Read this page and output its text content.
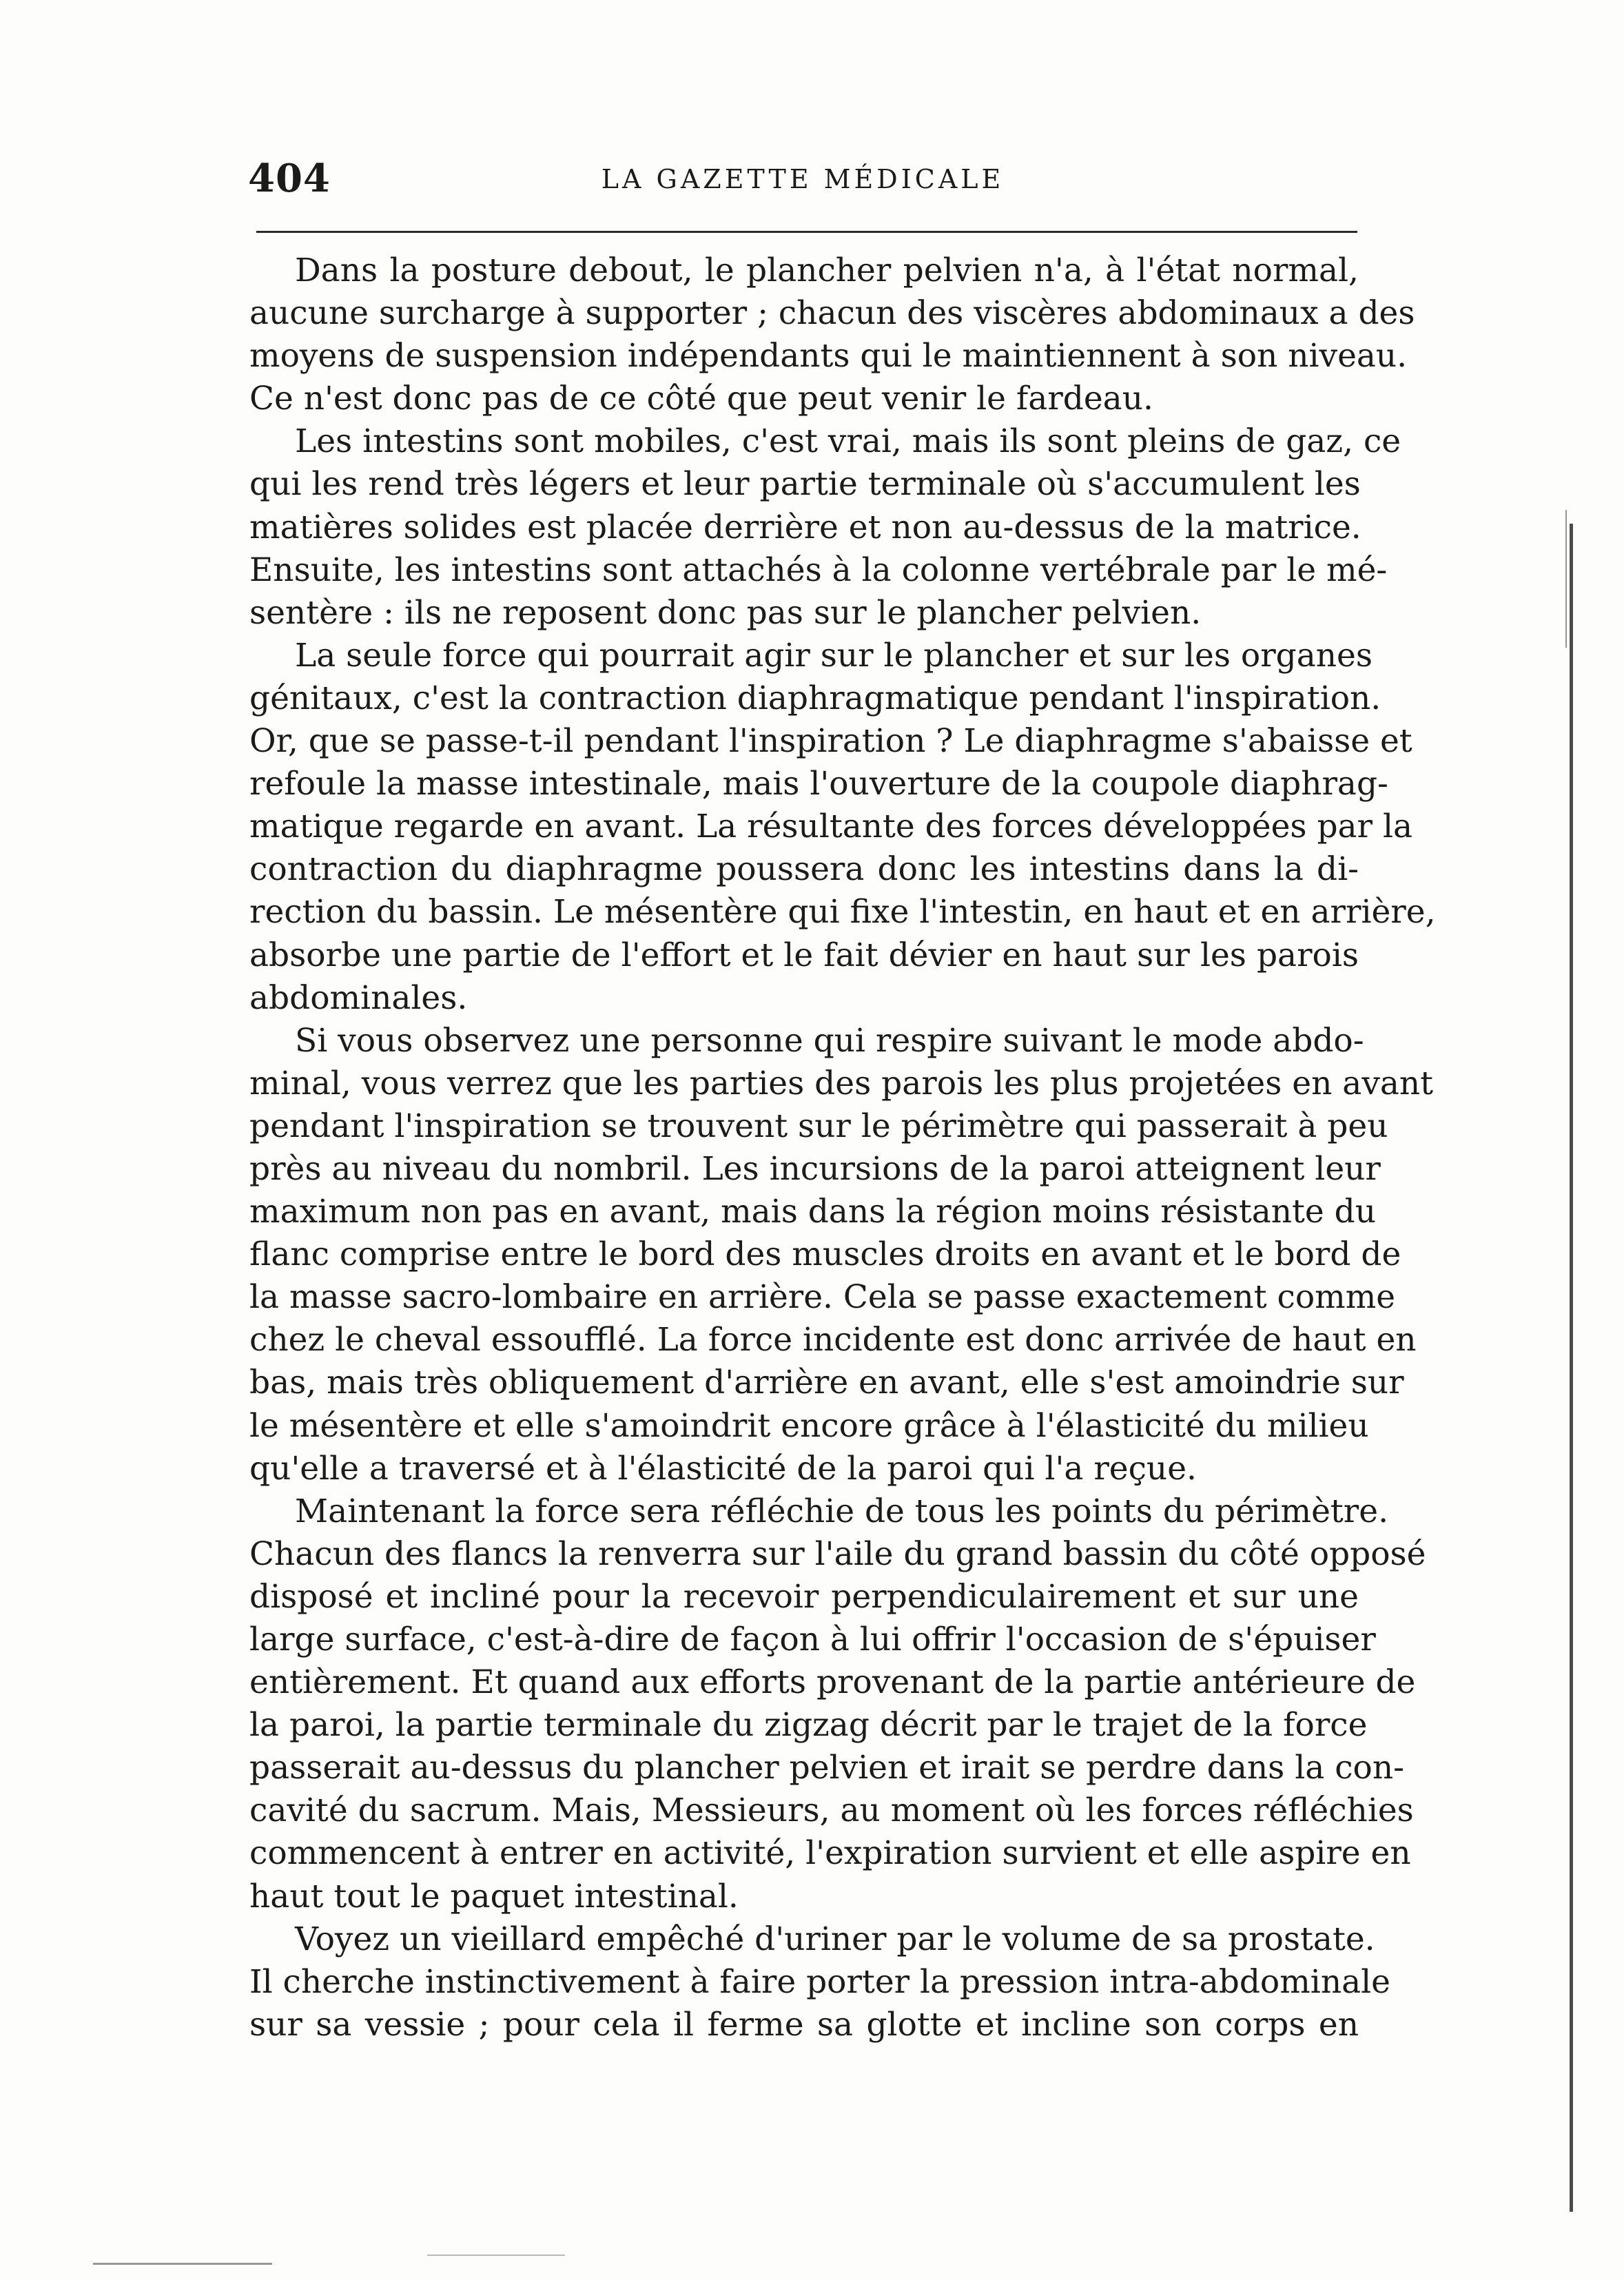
404	LA GAZETTE MÉDICALE
Dans la posture debout, le plancher pelvien n'a, à l'état normal,
aucune surcharge à supporter ; chacun des viscères abdominaux a des
moyens de suspension indépendants qui le maintiennent à son niveau.
Ce n'est donc pas de ce côté que peut venir le fardeau.
Les intestins sont mobiles, c'est vrai, mais ils sont pleins de gaz, ce
qui les rend très légers et leur partie terminale où s'accumulent les
matières solides est placée derrière et non au-dessus de la matrice.
Ensuite, les intestins sont attachés à la colonne vertébrale par le mé-
sentère : ils ne reposent donc pas sur le plancher pelvien.
La seule force qui pourrait agir sur le plancher et sur les organes
génitaux, c'est la contraction diaphragmatique pendant l'inspiration.
Or, que se passe-t-il pendant l'inspiration ? Le diaphragme s'abaisse et
refoule la masse intestinale, mais l'ouverture de la coupole diaphrag-
matique regarde en avant. La résultante des forces développées par la
contraction du diaphragme poussera donc les intestins dans la di-
rection du bassin. Le mésentère qui fixe l'intestin, en haut et en arrière,
absorbe une partie de l'effort et le fait dévier en haut sur les parois
abdominales.
Si vous observez une personne qui respire suivant le mode abdo-
minal, vous verrez que les parties des parois les plus projetées en avant
pendant l'inspiration se trouvent sur le périmètre qui passerait à peu
près au niveau du nombril. Les incursions de la paroi atteignent leur
maximum non pas en avant, mais dans la région moins résistante du
flanc comprise entre le bord des muscles droits en avant et le bord de
la masse sacro-lombaire en arrière. Cela se passe exactement comme
chez le cheval essoufflé. La force incidente est donc arrivée de haut en
bas, mais très obliquement d'arrière en avant, elle s'est amoindrie sur
le mésentère et elle s'amoindrit encore grâce à l'élasticité du milieu
qu'elle a traversé et à l'élasticité de la paroi qui l'a reçue.
Maintenant la force sera réfléchie de tous les points du périmètre.
Chacun des flancs la renverra sur l'aile du grand bassin du côté opposé
disposé et incliné pour la recevoir perpendiculairement et sur une
large surface, c'est-à-dire de façon à lui offrir l'occasion de s'épuiser
entièrement. Et quand aux efforts provenant de la partie antérieure de
la paroi, la partie terminale du zigzag décrit par le trajet de la force
passerait au-dessus du plancher pelvien et irait se perdre dans la con-
cavité du sacrum. Mais, Messieurs, au moment où les forces réfléchies
commencent à entrer en activité, l'expiration survient et elle aspire en
haut tout le paquet intestinal.
Voyez un vieillard empêché d'uriner par le volume de sa prostate.
Il cherche instinctivement à faire porter la pression intra-abdominale
sur sa vessie ; pour cela il ferme sa glotte et incline son corps en
